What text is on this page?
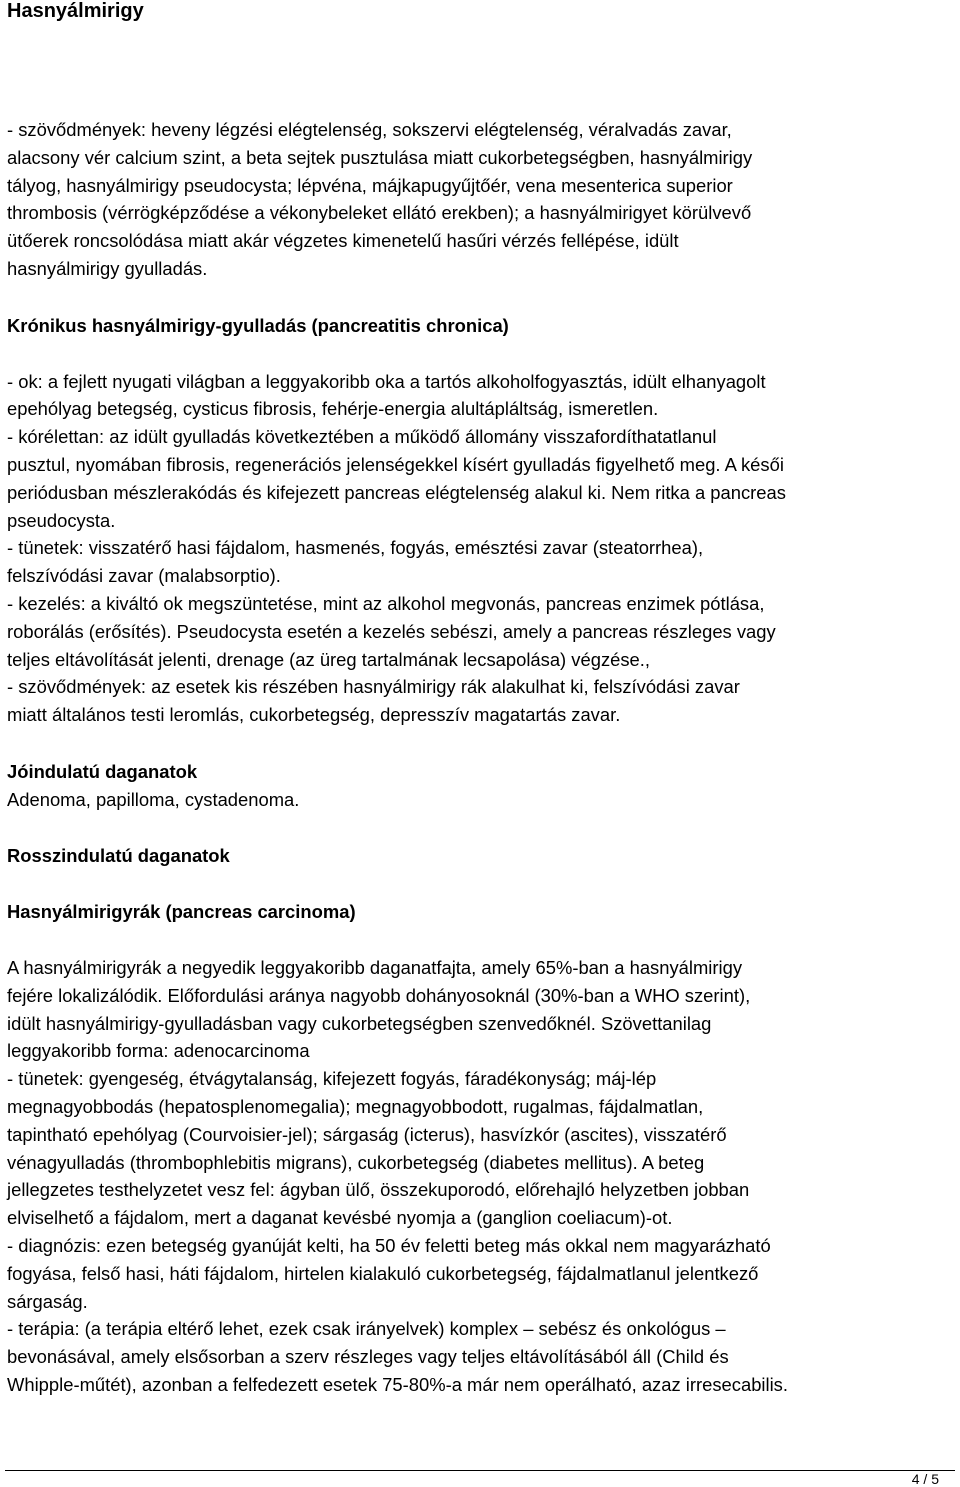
Hasnyálmirigy
- szövődmények: heveny légzési elégtelenség, sokszervi elégtelenség, véralvadás zavar,
alacsony vér calcium szint, a beta sejtek pusztulása miatt cukorbetegségben, hasnyálmirigy
tályog, hasnyálmirigy pseudocysta; lépvéna, májkapugyűjtőér, vena mesenterica superior
thrombosis (vérrögképződése a vékonybeleket ellátó erekben); a hasnyálmirigyet körülvevő
ütőerek roncsolódása miatt akár végzetes kimenetelű hasűri vérzés fellépése, idült
hasnyálmirigy gyulladás.
Krónikus hasnyálmirigy-gyulladás (pancreatitis chronica)

- ok: a fejlett nyugati világban a leggyakoribb oka a tartós alkoholfogyasztás, idült elhanyagolt
epehólyag betegség, cysticus fibrosis, fehérje-energia alultápláltság, ismeretlen.
- kórélettan: az idült gyulladás következtében a működő állomány visszafordíthatatlanul
pusztul, nyomában fibrosis, regenerációs jelenségekkel kísért gyulladás figyelhető meg. A késői
periódusban mészlerakódás és kifejezett pancreas elégtelenség alakul ki. Nem ritka a pancreas
pseudocysta.
- tünetek: visszatérő hasi fájdalom, hasmenés, fogyás, emésztési zavar (steatorrhea),
felszívódási zavar (malabsorptio).
- kezelés: a kiváltó ok megszüntetése, mint az alkohol megvonás, pancreas enzimek pótlása,
roborálás (erősítés). Pseudocysta esetén a kezelés sebészi, amely a pancreas részleges vagy
teljes eltávolítását jelenti, drenage (az üreg tartalmának lecsapolása) végzése.,
- szövődmények: az esetek kis részében hasnyálmirigy rák alakulhat ki, felszívódási zavar
miatt általános testi leromlás, cukorbetegség, depresszív magatartás zavar.
Jóindulatú daganatok
Adenoma, papilloma, cystadenoma.
Rosszindulatú daganatok
Hasnyálmirigyrák (pancreas carcinoma)
A hasnyálmirigyrák a negyedik leggyakoribb daganatfajta, amely 65%-ban a hasnyálmirigy
fejére lokalizálódik. Előfordulási aránya nagyobb dohányosoknál (30%-ban a WHO szerint),
idült hasnyálmirigy-gyulladásban vagy cukorbetegségben szenvedőknél. Szövettanilag
leggyakoribb forma: adenocarcinoma
- tünetek: gyengeség, étvágytalanság, kifejezett fogyás, fáradékonyság; máj-lép
megnagyobbodás (hepatosplenomegalia); megnagyobbodott, rugalmas, fájdalmatlan,
tapintható epehólyag (Courvoisier-jel); sárgaság (icterus), hasvízkór (ascites), visszatérő
vénagyulladás (thrombophlebitis migrans), cukorbetegség (diabetes mellitus). A beteg
jellegzetes testhelyzetet vesz fel: ágyban ülő, összekuporodó, előrehajló helyzetben jobban
elviselhető a fájdalom, mert a daganat kevésbé nyomja a (ganglion coeliacum)-ot.
- diagnózis: ezen betegség gyanúját kelti, ha 50 év feletti beteg más okkal nem magyarázható
fogyása, felső hasi, háti fájdalom, hirtelen kialakuló cukorbetegség, fájdalmatlanul jelentkező
sárgaság.
- terápia: (a terápia eltérő lehet, ezek csak irányelvek) komplex – sebész és onkológus –
bevonásával, amely elsősorban a szerv részleges vagy teljes eltávolításából áll (Child és
Whipple-műtét), azonban a felfedezett esetek 75-80%-a már nem operálható, azaz irresecabilis.
4 / 5
